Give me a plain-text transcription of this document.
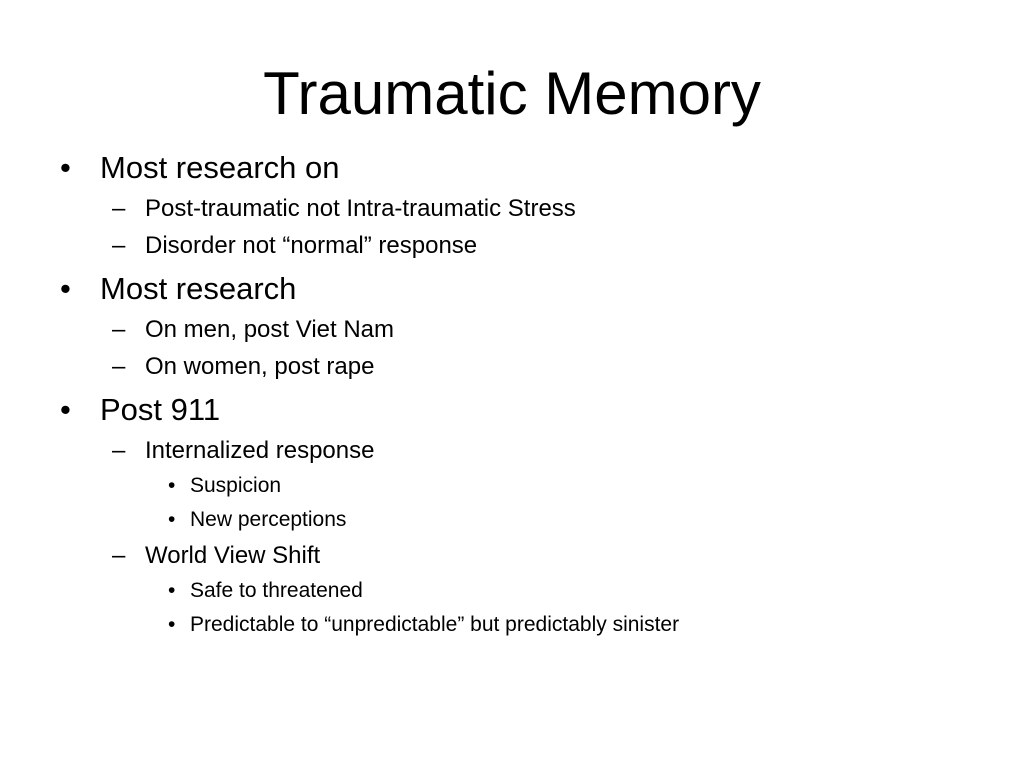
Traumatic Memory
• Most research on
– Post-traumatic not Intra-traumatic Stress
– Disorder not “normal” response
• Most research
– On men, post Viet Nam
– On women, post rape
• Post 911
– Internalized response
• Suspicion
• New perceptions
– World View Shift
• Safe to threatened
• Predictable to “unpredictable” but predictably sinister
